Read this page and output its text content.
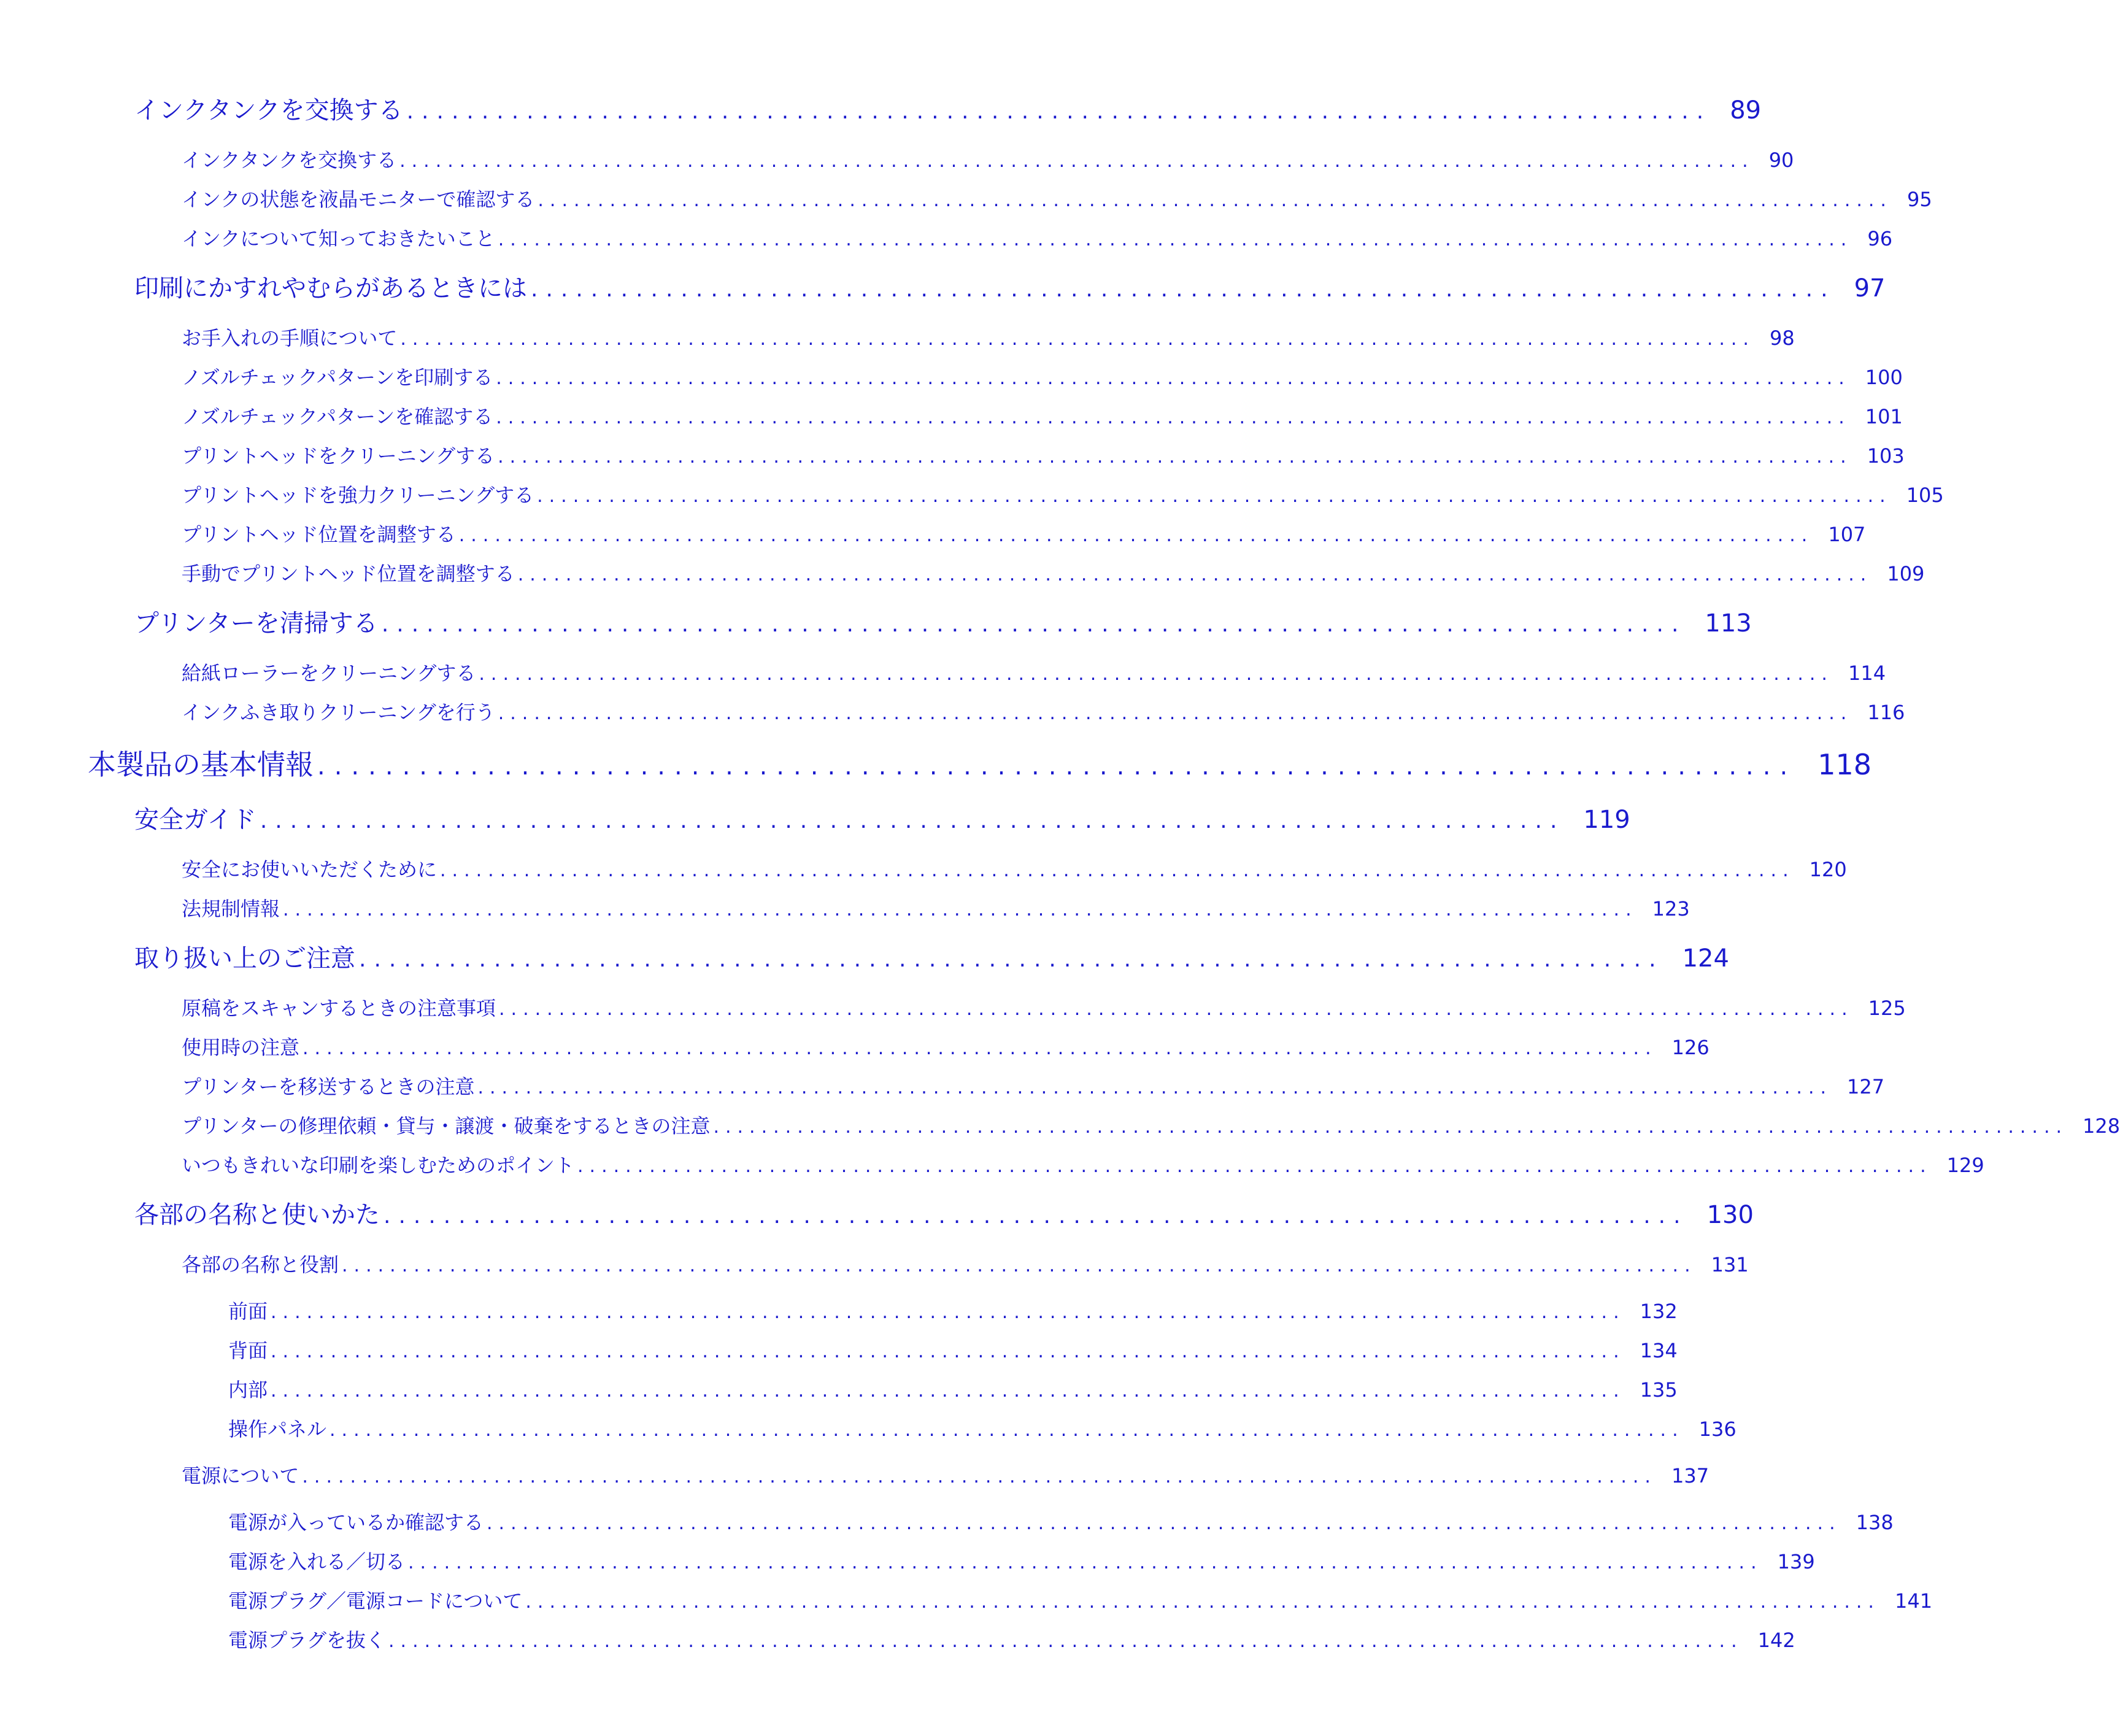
インクタンクを交換する ....................................................................................... 89
インクタンクを交換する ................................................................................................................. 90
インクの状態を液晶モニターで確認する ................................................................................................................. 95
インクについて知っておきたいこと ................................................................................................................. 96
印刷にかすれやむらがあるときには ....................................................................................... 97
お手入れの手順について ................................................................................................................. 98
ノズルチェックパターンを印刷する ................................................................................................................. 100
ノズルチェックパターンを確認する ................................................................................................................. 101
プリントヘッドをクリーニングする ................................................................................................................. 103
プリントヘッドを強力クリーニングする ................................................................................................................. 105
プリントヘッド位置を調整する ................................................................................................................. 107
手動でプリントヘッド位置を調整する ................................................................................................................. 109
プリンターを清掃する ....................................................................................... 113
給紙ローラーをクリーニングする ................................................................................................................. 114
インクふき取りクリーニングを行う ................................................................................................................. 116
本製品の基本情報 ....................................................................................... 118
安全ガイド ....................................................................................... 119
安全にお使いいただくために ................................................................................................................. 120
法規制情報 ................................................................................................................. 123
取り扱い上のご注意 ....................................................................................... 124
原稿をスキャンするときの注意事項 ................................................................................................................. 125
使用時の注意 ................................................................................................................. 126
プリンターを移送するときの注意 ................................................................................................................. 127
プリンターの修理依頼・貸与・譲渡・破棄をするときの注意 ................................................................................................................. 128
いつもきれいな印刷を楽しむためのポイント ................................................................................................................. 129
各部の名称と使いかた ....................................................................................... 130
各部の名称と役割 ................................................................................................................. 131
前面 ................................................................................................................. 132
背面 ................................................................................................................. 134
内部 ................................................................................................................. 135
操作パネル ................................................................................................................. 136
電源について ................................................................................................................. 137
電源が入っているか確認する ................................................................................................................. 138
電源を入れる／切る ................................................................................................................. 139
電源プラグ／電源コードについて ................................................................................................................. 141
電源プラグを抜く ................................................................................................................. 142
